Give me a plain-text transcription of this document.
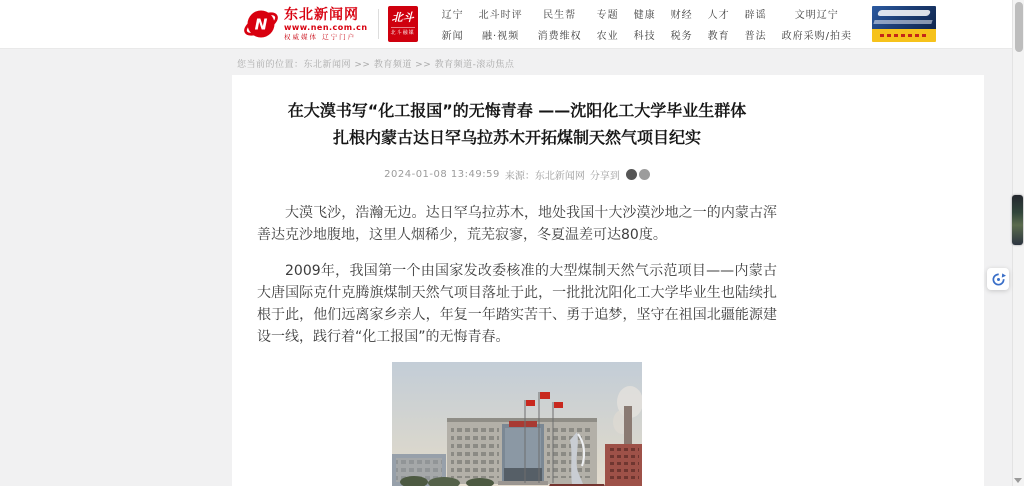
N
东北新闻网
www.nen.com.cn
权威媒体 辽宁门户
北斗
北斗融媒
辽宁
新闻
北斗时评
融·视频
民生帮
消费维权
专题
农业
健康
科技
财经
税务
人才
教育
辟谣
普法
文明辽宁
政府采购/拍卖
您当前的位置：东北新闻网 >> 教育频道 >> 教育频道-滚动焦点
在大漠书写“化工报国”的无悔青春 ——沈阳化工大学毕业生群体
扎根内蒙古达日罕乌拉苏木开拓煤制天然气项目纪实
2024-01-08 13:49:59 来源：东北新闻网 分享到

大漠飞沙，浩瀚无边。达日罕乌拉苏木，地处我国十大沙漠沙地之一的内蒙古浑善达克沙地腹地，这里人烟稀少，荒芜寂寥，冬夏温差可达80度。

2009年，我国第一个由国家发改委核准的大型煤制天然气示范项目——内蒙古大唐国际克什克腾旗煤制天然气项目落址于此，一批批沈阳化工大学毕业生也陆续扎根于此，他们远离家乡亲人，年复一年踏实苦干、勇于追梦，坚守在祖国北疆能源建设一线，践行着“化工报国”的无悔青春。
